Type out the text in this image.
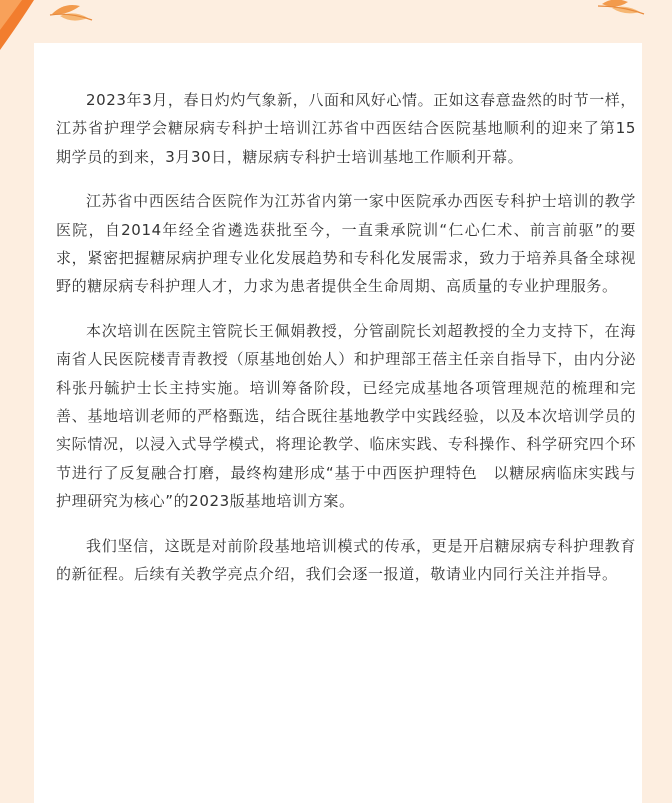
2023年3月，春日灼灼气象新，八面和风好心情。正如这春意盎然的时节一样，江苏省护理学会糖尿病专科护士培训江苏省中西医结合医院基地顺利的迎来了第15期学员的到来，3月30日，糖尿病专科护士培训基地工作顺利开幕。

江苏省中西医结合医院作为江苏省内第一家中医院承办西医专科护士培训的教学医院，自2014年经全省遴选获批至今，一直秉承院训“仁心仁术、前言前驱”的要求，紧密把握糖尿病护理专业化发展趋势和专科化发展需求，致力于培养具备全球视野的糖尿病专科护理人才，力求为患者提供全生命周期、高质量的专业护理服务。

本次培训在医院主管院长王佩娟教授，分管副院长刘超教授的全力支持下，在海南省人民医院楼青青教授（原基地创始人）和护理部王蓓主任亲自指导下，由内分泌科张丹毓护士长主持实施。培训筹备阶段，已经完成基地各项管理规范的梳理和完善、基地培训老师的严格甄选，结合既往基地教学中实践经验，以及本次培训学员的实际情况，以浸入式导学模式，将理论教学、临床实践、专科操作、科学研究四个环节进行了反复融合打磨，最终构建形成“基于中西医护理特色　以糖尿病临床实践与护理研究为核心”的2023版基地培训方案。

我们坚信，这既是对前阶段基地培训模式的传承，更是开启糖尿病专科护理教育的新征程。后续有关教学亮点介绍，我们会逐一报道，敬请业内同行关注并指导。
